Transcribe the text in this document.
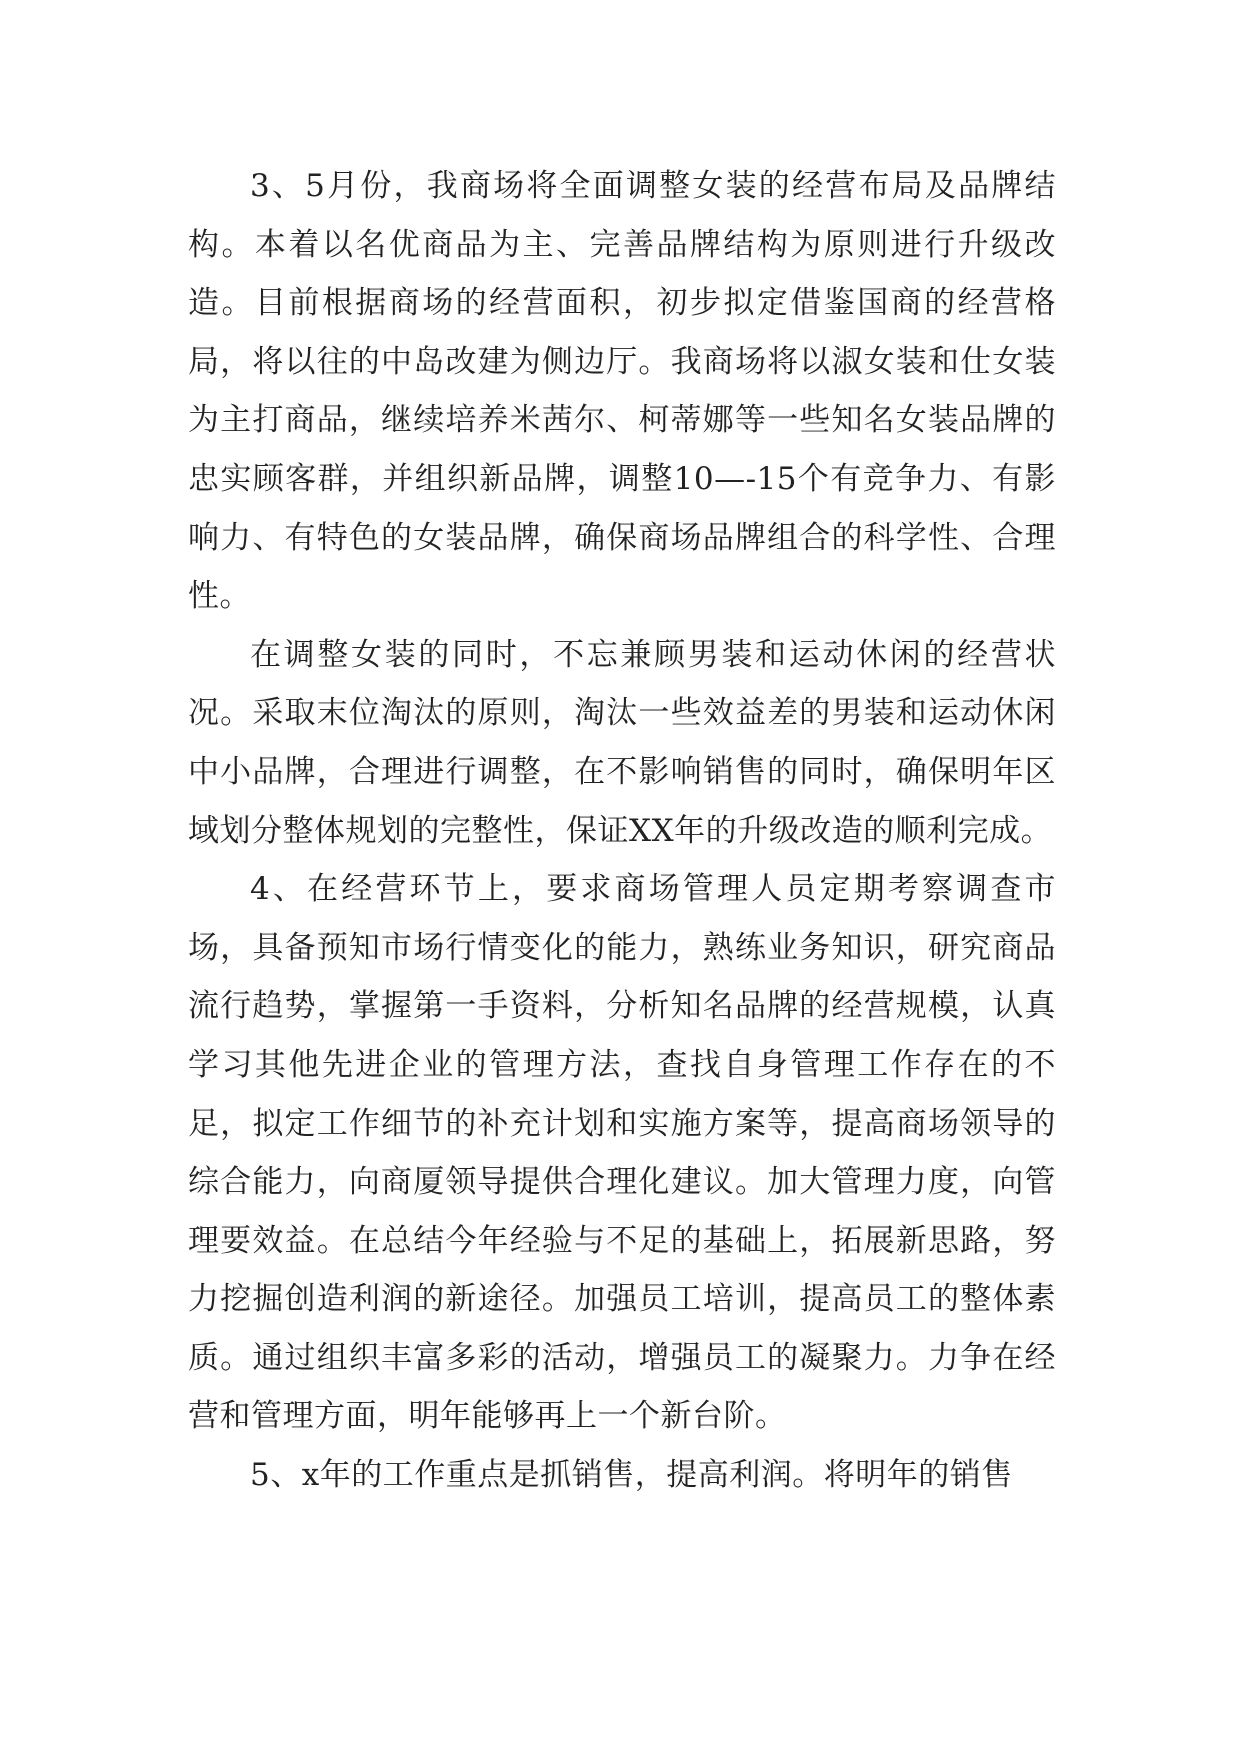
3、5月份，我商场将全面调整女装的经营布局及品牌结构。本着以名优商品为主、完善品牌结构为原则进行升级改造。目前根据商场的经营面积，初步拟定借鉴国商的经营格局，将以往的中岛改建为侧边厅。我商场将以淑女装和仕女装为主打商品，继续培养米茜尔、柯蒂娜等一些知名女装品牌的忠实顾客群，并组织新品牌，调整10—-15个有竞争力、有影响力、有特色的女装品牌，确保商场品牌组合的科学性、合理性。

在调整女装的同时，不忘兼顾男装和运动休闲的经营状况。采取末位淘汰的原则，淘汰一些效益差的男装和运动休闲中小品牌，合理进行调整，在不影响销售的同时，确保明年区域划分整体规划的完整性，保证XX年的升级改造的顺利完成。

4、在经营环节上，要求商场管理人员定期考察调查市场，具备预知市场行情变化的能力，熟练业务知识，研究商品流行趋势，掌握第一手资料，分析知名品牌的经营规模，认真学习其他先进企业的管理方法，查找自身管理工作存在的不足，拟定工作细节的补充计划和实施方案等，提高商场领导的综合能力，向商厦领导提供合理化建议。加大管理力度，向管理要效益。在总结今年经验与不足的基础上，拓展新思路，努力挖掘创造利润的新途径。加强员工培训，提高员工的整体素质。通过组织丰富多彩的活动，增强员工的凝聚力。力争在经营和管理方面，明年能够再上一个新台阶。

5、x年的工作重点是抓销售，提高利润。将明年的销售
